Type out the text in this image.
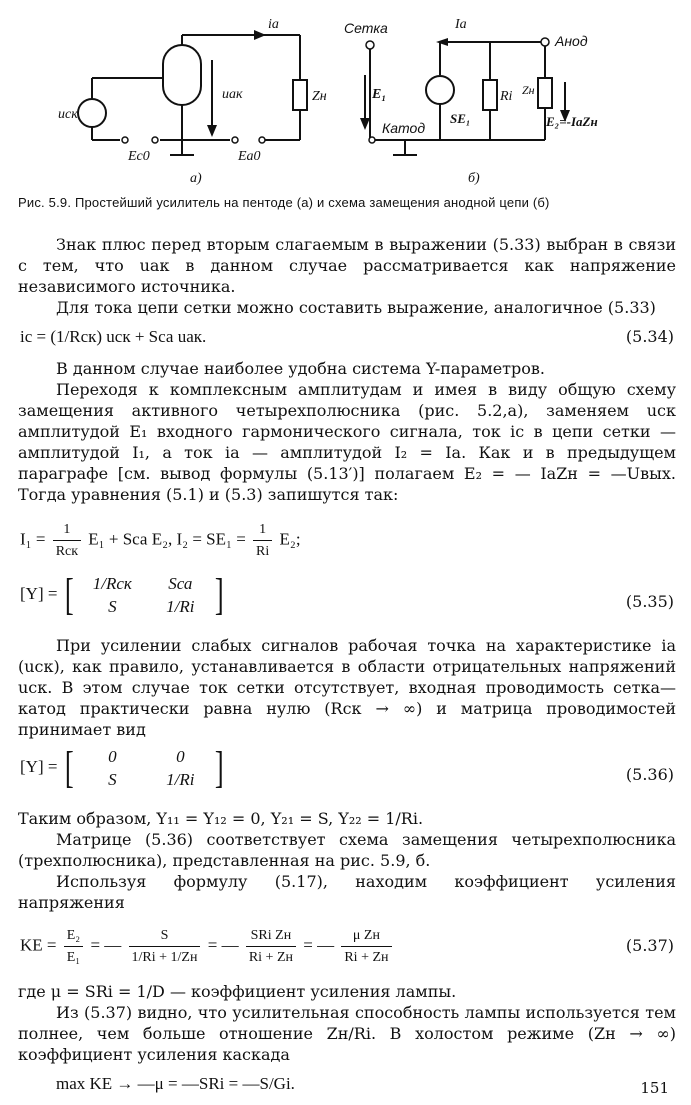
iа
uск
uак	Zн
Eс0	Eа0
а)
Сетка
Анод
Катод
Iа
E₁
SE₁
Ri Zн
E₂=-IаZн
б)
Рис. 5.9. Простейший усилитель на пентоде (а) и схема замещения анодной цепи (б)

Знак плюс перед вторым слагаемым в выражении (5.33) выбран в связи с тем, что uак в данном случае рассматривается как напряжение независимого источника.

Для тока цепи сетки можно составить выражение, аналогичное (5.33)

iс = (1/Rск) uск + Sса uак.	(5.34)

В данном случае наиболее удобна система Y-параметров.

Переходя к комплексным амплитудам и имея в виду общую схему замещения активного четырехполюсника (рис. 5.2,а), заменяем uск амплитудой E₁ входного гармонического сигнала, ток iс в цепи сетки — амплитудой I₁, а ток iа — амплитудой I₂ = Iа. Как и в предыдущем параграфе [см. вывод формулы (5.13′)] полагаем E₂ = — IаZн = —Uвых. Тогда уравнения (5.1) и (5.3) запишутся так:

$I_1 = \frac{1}{\text{Rск}} E_1$ + Sса E₂, $I_2 = SE_1 = \frac{1}{Ri} E_2$;
[Y] = [	1/Rск	Sса
S	1/Ri ]	(5.35)

При усилении слабых сигналов рабочая точка на характеристике iа (uск), как правило, устанавливается в области отрицательных напряжений uск. В этом случае ток сетки отсутствует, входная проводимость сетка—катод практически равна нулю (Rск → ∞) и матрица проводимостей принимает вид

[Y] = [	0	0
S	1/Ri ]	(5.36)

Таким образом, Y₁₁ = Y₁₂ = 0, Y₂₁ = S, Y₂₂ = 1/Ri.

Матрице (5.36) соответствует схема замещения четырехполюсника (трехполюсника), представленная на рис. 5.9, б.

Используя формулу (5.17), находим коэффициент усиления напряжения

KE = $\frac{\text{E₂}}{\text{E₁}}$ = — $\frac{S}{1/Ri + 1/Zн}$ = — $\frac{\text{SRi Zн}}{Ri + Zн}$ = — $\frac{\text{μ Zн}}{Ri + Zн}$	(5.37)

где μ = SRi = 1/D — коэффициент усиления лампы.

Из (5.37) видно, что усилительная способность лампы используется тем полнее, чем больше отношение Zн/Ri. В холостом режиме (Zн → ∞) коэффициент усиления каскада

max KE → —μ = —SRi = —S/Gi.	151
